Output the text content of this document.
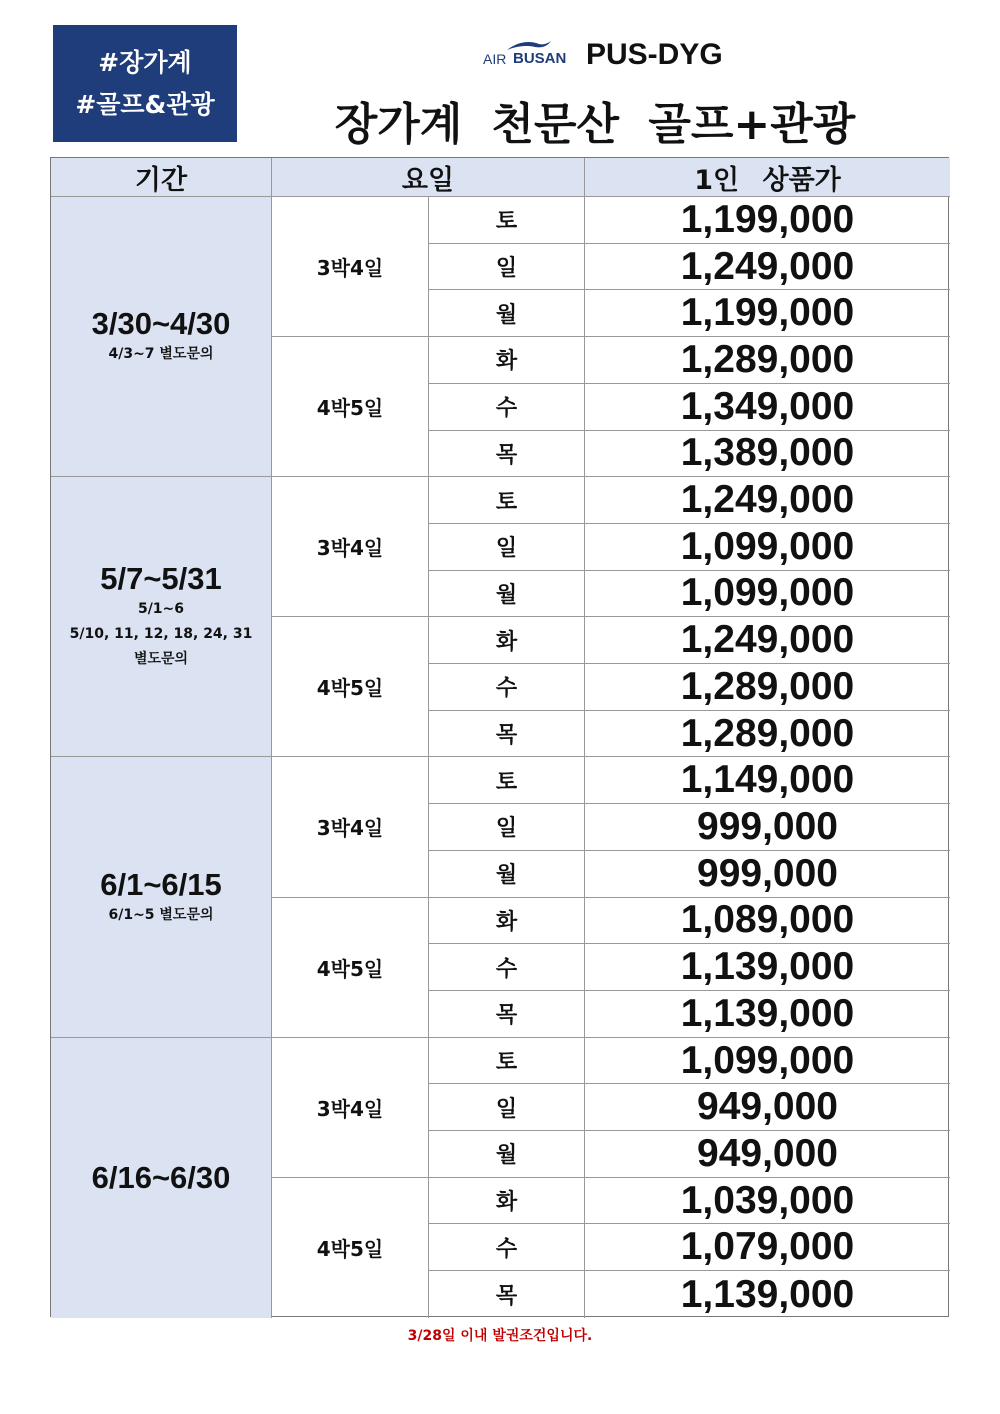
#장가계
#골프&관광
AIR BUSAN PUS-DYG
장가계 천문산 골프+관광
기간	요일	1인 상품가
3/30~4/30
4/3~7 별도문의
3박4일
토	1,199,000
일	1,249,000
월	1,199,000
4박5일
화	1,289,000
수	1,349,000
목	1,389,000
5/7~5/31
5/1~6
5/10, 11, 12, 18, 24, 31
별도문의
3박4일
토	1,249,000
일	1,099,000
월	1,099,000
4박5일
화	1,249,000
수	1,289,000
목	1,289,000
6/1~6/15
6/1~5 별도문의
3박4일
토	1,149,000
일	999,000
월	999,000
4박5일
화	1,089,000
수	1,139,000
목	1,139,000
6/16~6/30
3박4일
토	1,099,000
일	949,000
월	949,000
4박5일
화	1,039,000
수	1,079,000
목	1,139,000
3/28일 이내 발권조건입니다.
